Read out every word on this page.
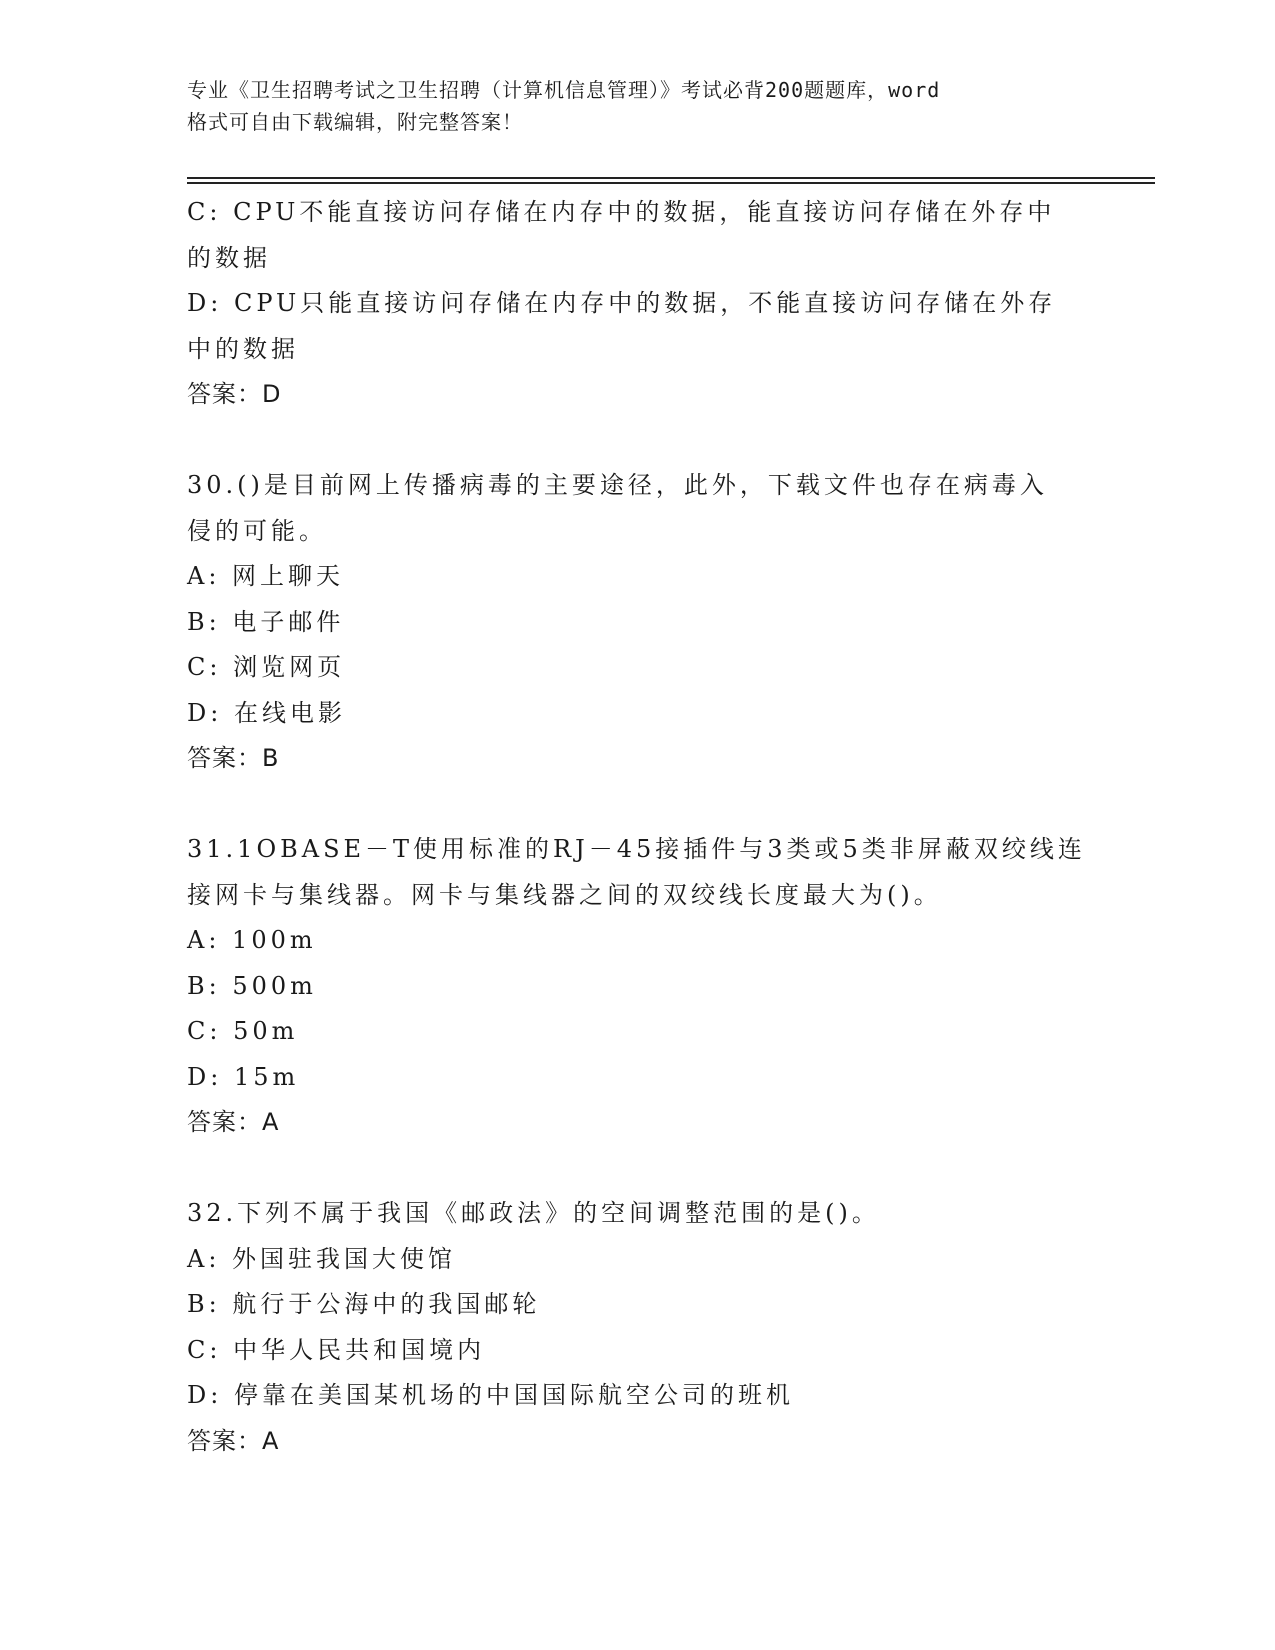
专业《卫生招聘考试之卫生招聘（计算机信息管理）》考试必背200题题库，word
格式可自由下载编辑，附完整答案！
C: CPU不能直接访问存储在内存中的数据，能直接访问存储在外存中
的数据
D: CPU只能直接访问存储在内存中的数据，不能直接访问存储在外存
中的数据
答案：D
30.()是目前网上传播病毒的主要途径，此外，下载文件也存在病毒入
侵的可能。
A: 网上聊天
B: 电子邮件
C: 浏览网页
D: 在线电影
答案：B
31.1OBASE－T使用标准的RJ－45接插件与3类或5类非屏蔽双绞线连
接网卡与集线器。网卡与集线器之间的双绞线长度最大为()。
A: 100m
B: 500m
C: 50m
D: 15m
答案：A
32.下列不属于我国《邮政法》的空间调整范围的是()。
A: 外国驻我国大使馆
B: 航行于公海中的我国邮轮
C: 中华人民共和国境内
D: 停靠在美国某机场的中国国际航空公司的班机
答案：A
